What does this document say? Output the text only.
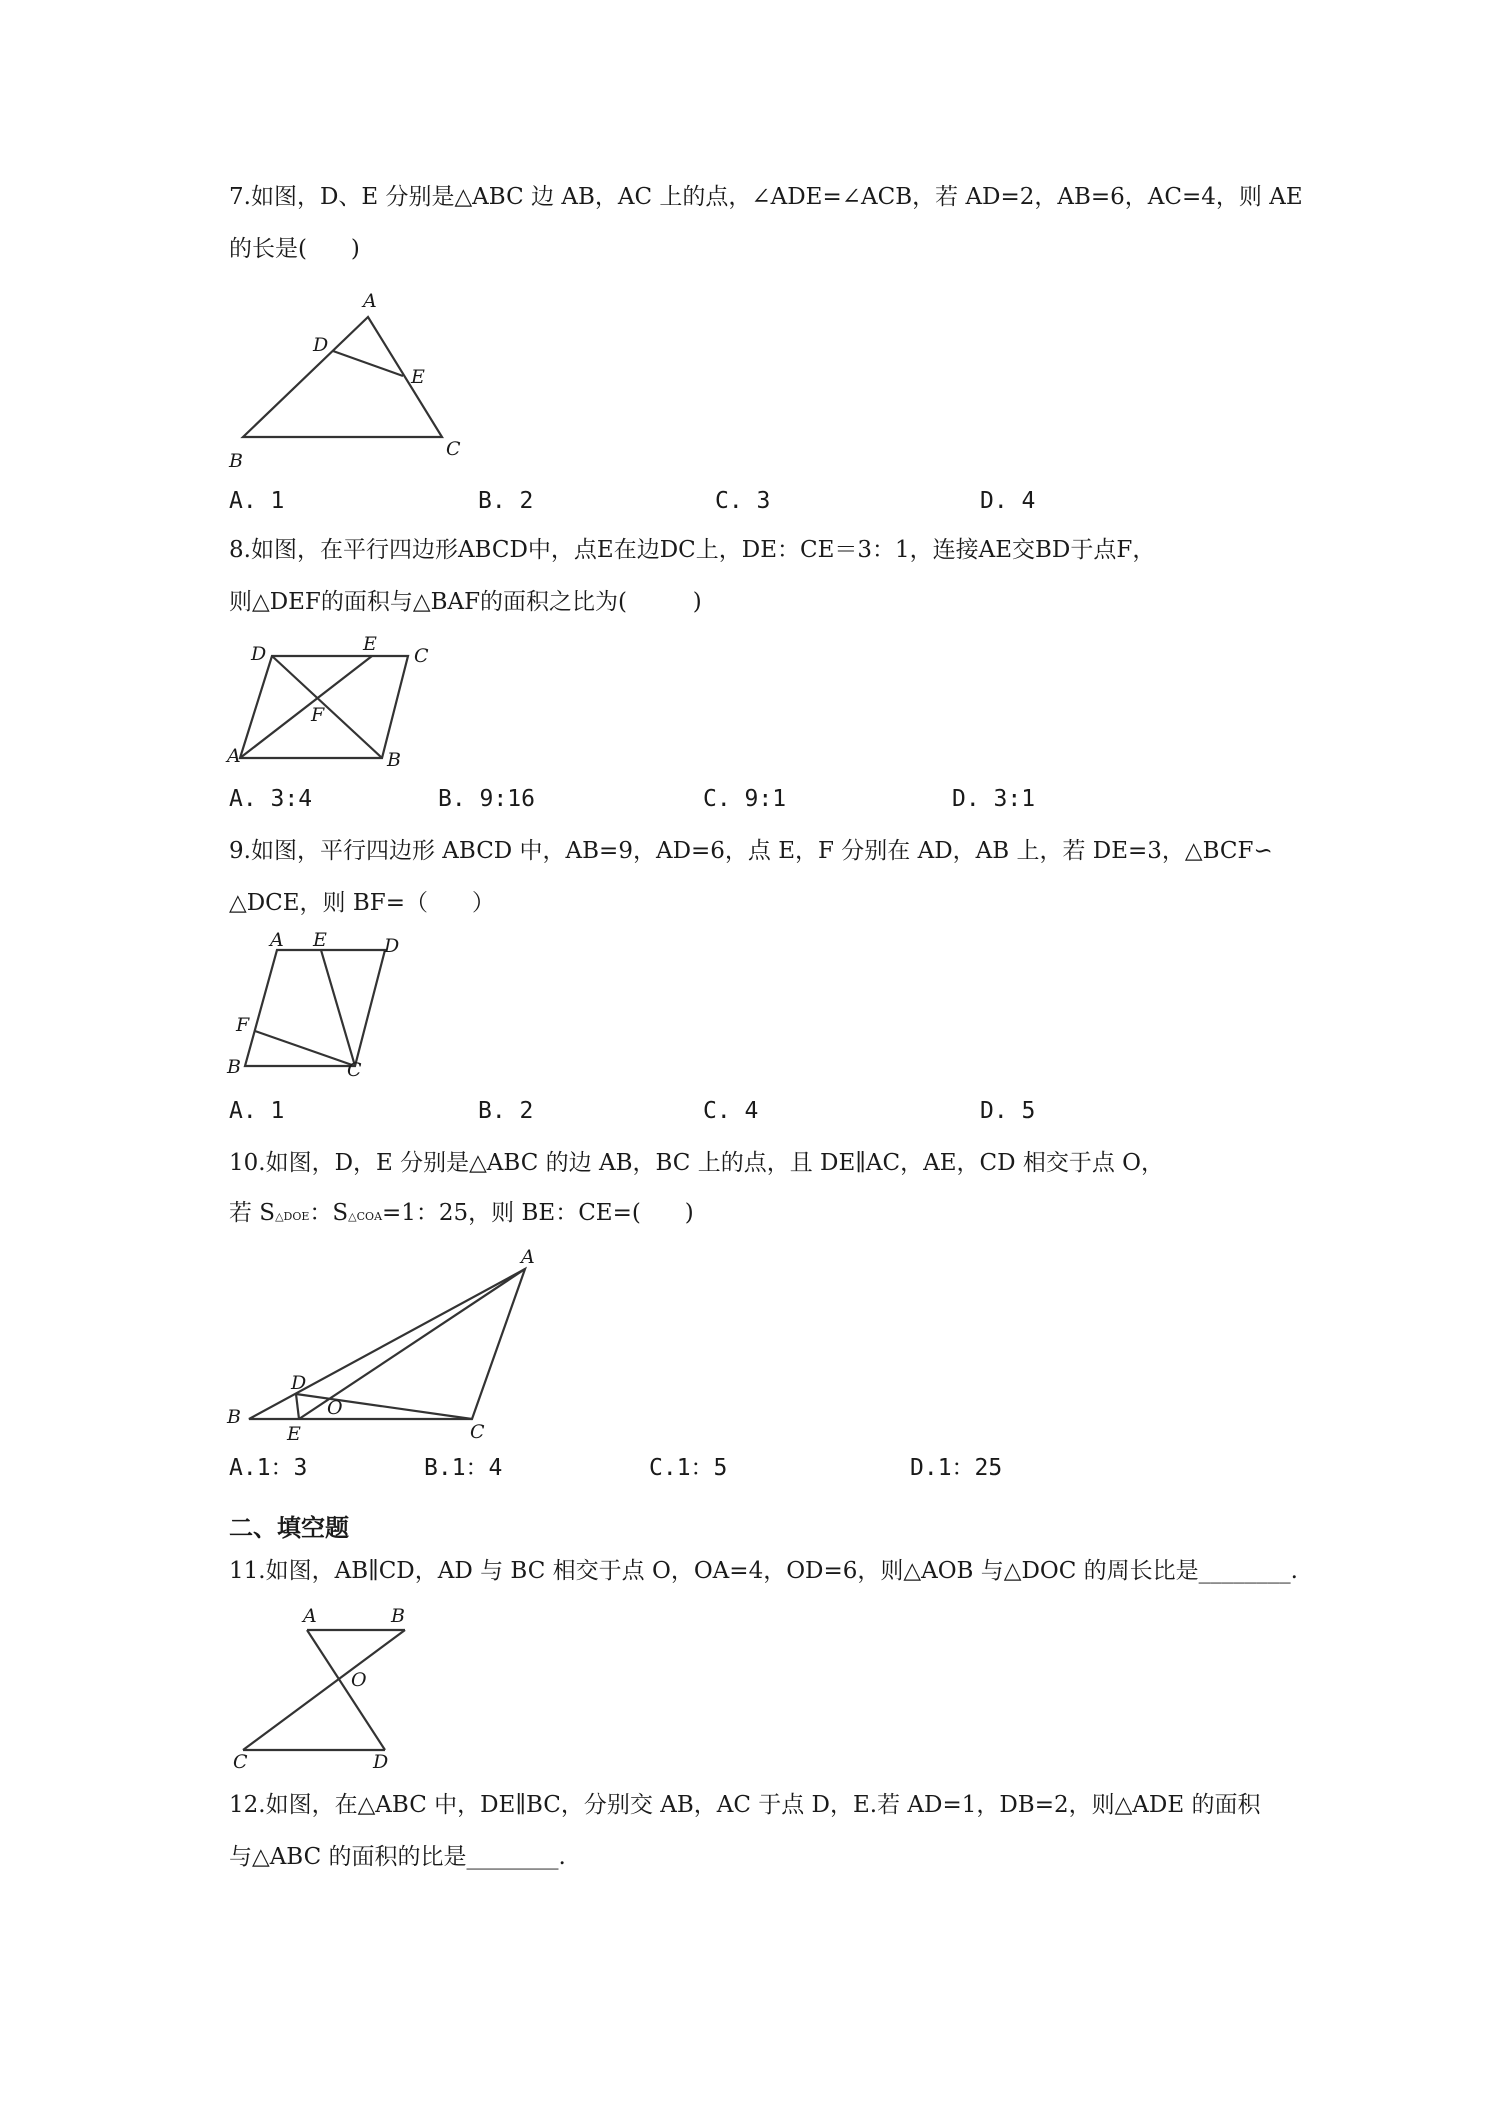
7.如图，D、E 分别是△ABC 边 AB，AC 上的点，∠ADE=∠ACB，若 AD=2，AB=6，AC=4，则 AE
的长是(      )
A
B
C
D
E
A. 1	B. 2	C. 3	D. 4
8.如图，在平行四边形ABCD中，点E在边DC上，DE：CE＝3：1，连接AE交BD于点F，
则△DEF的面积与△BAF的面积之比为(         )
D	E
C
F
A	B
A. 3:4	B. 9:16	C. 9:1	D. 3:1
9.如图，平行四边形 ABCD 中，AB=9，AD=6，点 E，F 分别在 AD，AB 上，若 DE=3，△BCF∽
△DCE，则 BF=（      ）
A E	D
F
B	C
A. 1	B. 2	C. 4	D. 5
10.如图，D，E 分别是△ABC 的边 AB，BC 上的点，且 DE∥AC，AE，CD 相交于点 O，
若 S△DOE：S△COA=1：25，则 BE：CE=(      )
A
B
C
D
E
O
A.1：3	B.1：4	C.1：5	D.1：25
二、填空题
11.如图，AB∥CD，AD 与 BC 相交于点 O，OA=4，OD=6，则△AOB 与△DOC 的周长比是________.
A	B
O
C	D
12.如图，在△ABC 中，DE∥BC，分别交 AB，AC 于点 D，E.若 AD=1，DB=2，则△ADE 的面积
与△ABC 的面积的比是________.
